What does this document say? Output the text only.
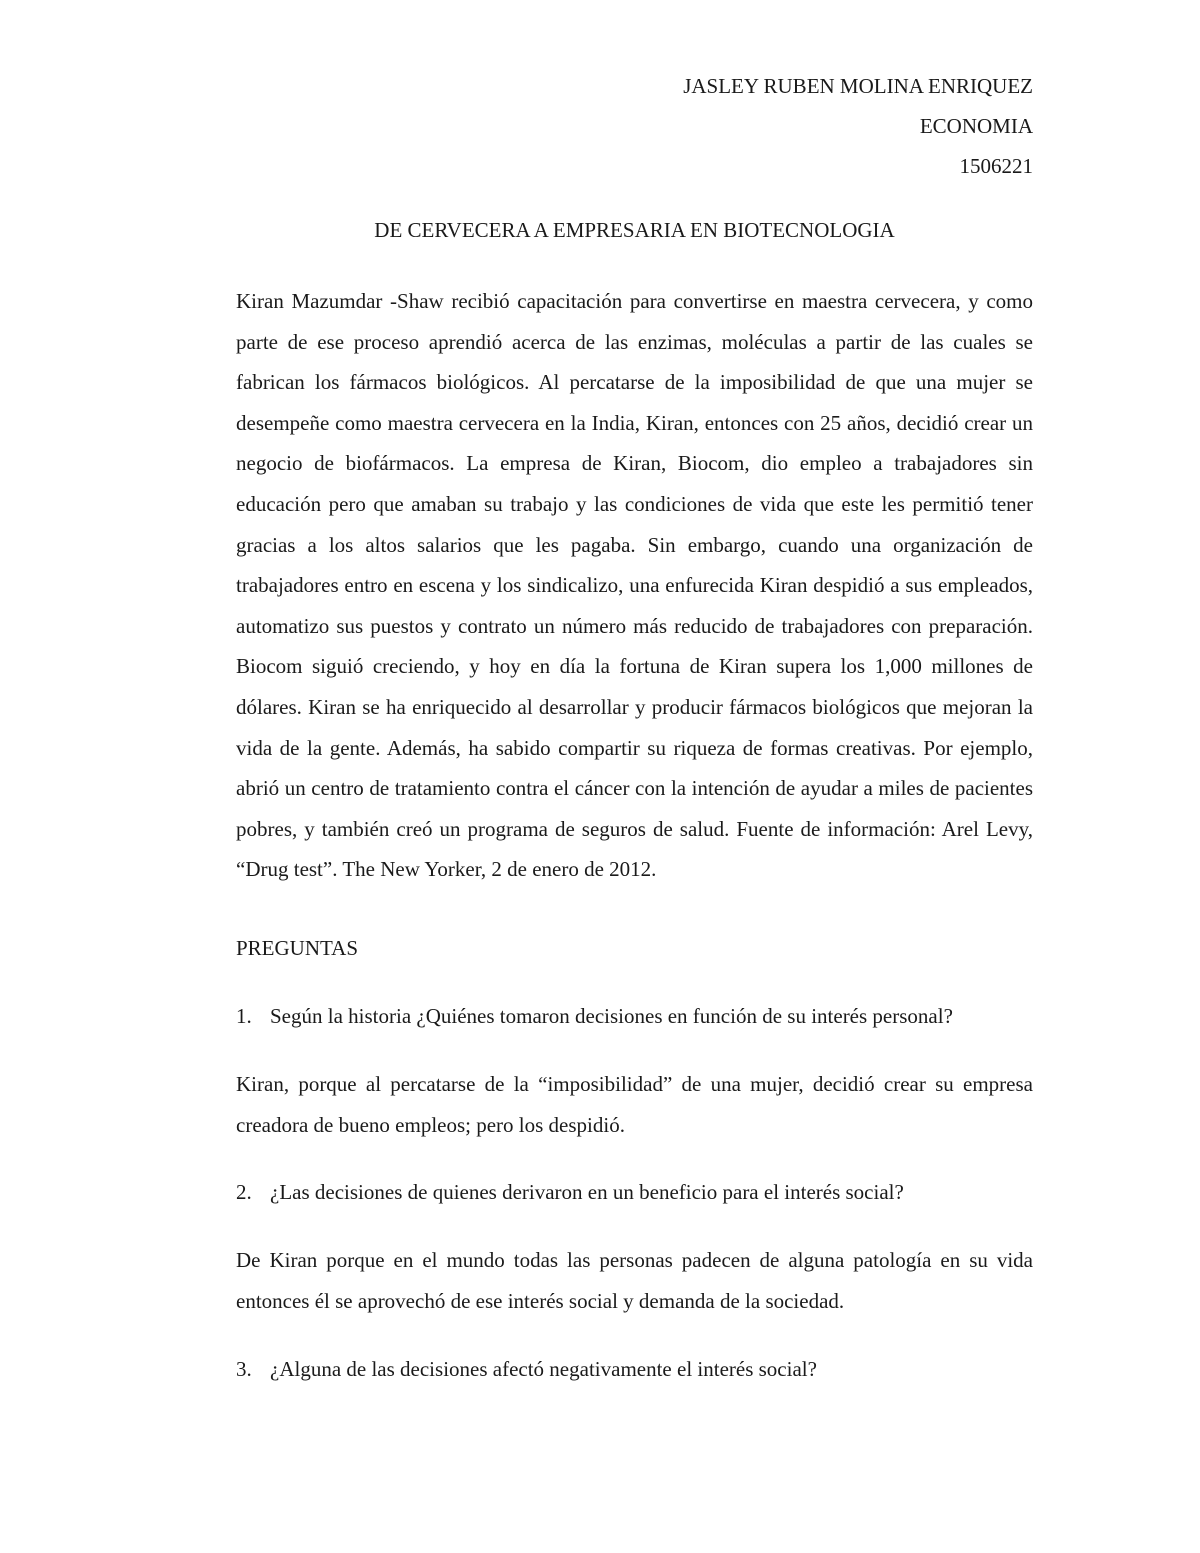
JASLEY RUBEN MOLINA ENRIQUEZ
ECONOMIA
1506221
DE CERVECERA A EMPRESARIA EN BIOTECNOLOGIA

Kiran Mazumdar -Shaw recibió capacitación para convertirse en maestra cervecera, y como parte de ese proceso aprendió acerca de las enzimas, moléculas a partir de las cuales se fabrican los fármacos biológicos. Al percatarse de la imposibilidad de que una mujer se desempeñe como maestra cervecera en la India, Kiran, entonces con 25 años, decidió crear un negocio de biofármacos. La empresa de Kiran, Biocom, dio empleo a trabajadores sin educación pero que amaban su trabajo y las condiciones de vida que este les permitió tener gracias a los altos salarios que les pagaba. Sin embargo, cuando una organización de trabajadores entro en escena y los sindicalizo, una enfurecida Kiran despidió a sus empleados, automatizo sus puestos y contrato un número más reducido de trabajadores con preparación. Biocom siguió creciendo, y hoy en día la fortuna de Kiran supera los 1,000 millones de dólares. Kiran se ha enriquecido al desarrollar y producir fármacos biológicos que mejoran la vida de la gente. Además, ha sabido compartir su riqueza de formas creativas. Por ejemplo, abrió un centro de tratamiento contra el cáncer con la intención de ayudar a miles de pacientes pobres, y también creó un programa de seguros de salud. Fuente de información: Arel Levy, “Drug test”. The New Yorker, 2 de enero de 2012.

PREGUNTAS
1. Según la historia ¿Quiénes tomaron decisiones en función de su interés personal?

Kiran, porque al percatarse de la “imposibilidad” de una mujer, decidió crear su empresa creadora de bueno empleos; pero los despidió.

2. ¿Las decisiones de quienes derivaron en un beneficio para el interés social?

De Kiran porque en el mundo todas las personas padecen de alguna patología en su vida entonces él se aprovechó de ese interés social y demanda de la sociedad.

3. ¿Alguna de las decisiones afectó negativamente el interés social?
